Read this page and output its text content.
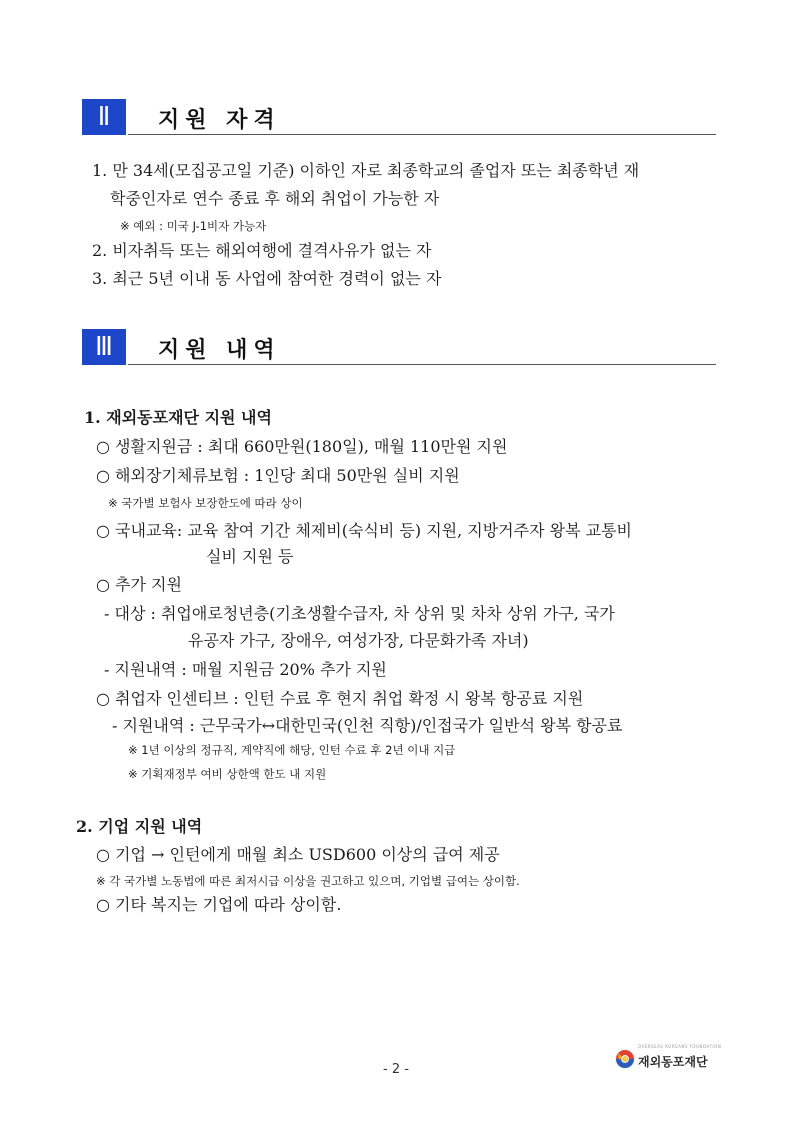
Ⅱ	지원 자격
1. 만 34세(모집공고일 기준) 이하인 자로 최종학교의 졸업자 또는 최종학년 재
학중인자로 연수 종료 후 해외 취업이 가능한 자
※ 예외 : 미국 J-1비자 가능자
2. 비자취득 또는 해외여행에 결격사유가 없는 자
3. 최근 5년 이내 동 사업에 참여한 경력이 없는 자
Ⅲ	지원 내역
1. 재외동포재단 지원 내역
○ 생활지원금 : 최대 660만원(180일), 매월 110만원 지원
○ 해외장기체류보험 : 1인당 최대 50만원 실비 지원
※ 국가별 보험사 보장한도에 따라 상이
○ 국내교육: 교육 참여 기간 체제비(숙식비 등) 지원, 지방거주자 왕복 교통비
실비 지원 등
○ 추가 지원
- 대상 : 취업애로청년층(기초생활수급자, 차 상위 및 차차 상위 가구, 국가
유공자 가구, 장애우, 여성가장, 다문화가족 자녀)
- 지원내역 : 매월 지원금 20% 추가 지원
○ 취업자 인센티브 : 인턴 수료 후 현지 취업 확정 시 왕복 항공료 지원
- 지원내역 : 근무국가↔대한민국(인천 직항)/인접국가 일반석 왕복 항공료
※ 1년 이상의 정규직, 계약직에 해당, 인턴 수료 후 2년 이내 지급
※ 기획재정부 여비 상한액 한도 내 지원
2. 기업 지원 내역
○ 기업 → 인턴에게 매월 최소 USD600 이상의 급여 제공
※ 각 국가별 노동법에 따른 최저시급 이상을 권고하고 있으며, 기업별 급여는 상이함.
○ 기타 복지는 기업에 따라 상이함.
- 2 -
OVERSEAS KOREANS FOUNDATION
재외동포재단
